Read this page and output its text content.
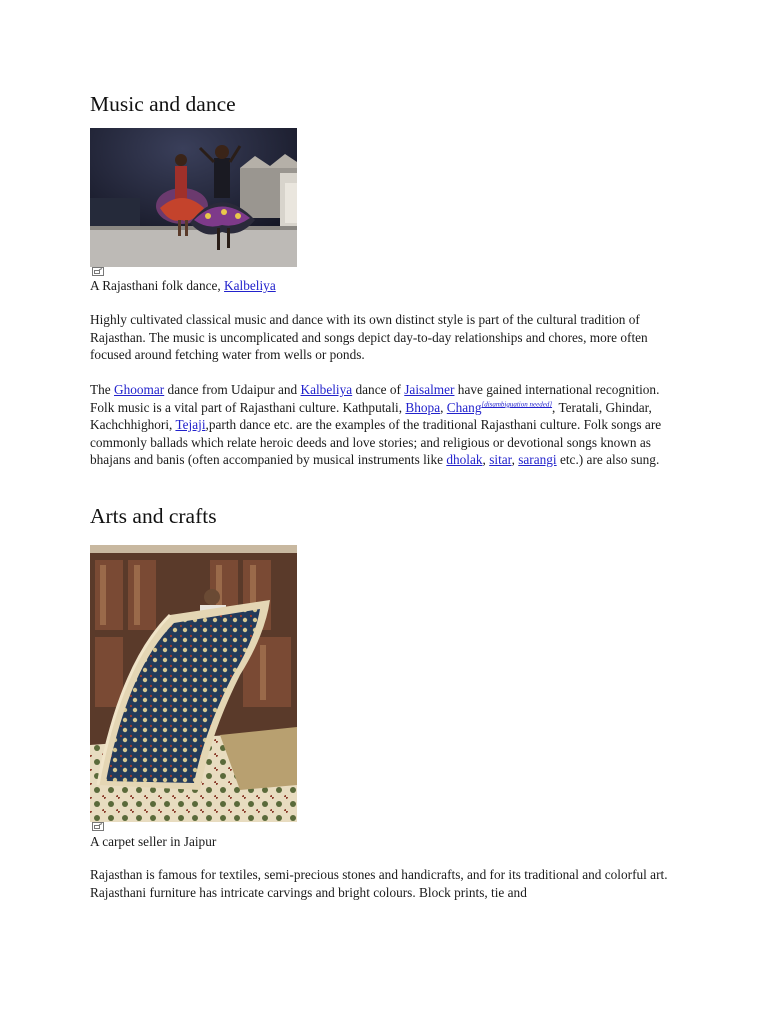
Music and dance
A Rajasthani folk dance, Kalbeliya

Highly cultivated classical music and dance with its own distinct style is part of the cultural tradition of Rajasthan. The music is uncomplicated and songs depict day-to-day relationships and chores, more often focused around fetching water from wells or ponds.

The Ghoomar dance from Udaipur and Kalbeliya dance of Jaisalmer have gained international recognition. Folk music is a vital part of Rajasthani culture. Kathputali, Bhopa, Chang[disambiguation needed], Teratali, Ghindar, Kachchhighori, Tejaji,parth dance etc. are the examples of the traditional Rajasthani culture. Folk songs are commonly ballads which relate heroic deeds and love stories; and religious or devotional songs known as bhajans and banis (often accompanied by musical instruments like dholak, sitar, sarangi etc.) are also sung.

Arts and crafts
A carpet seller in Jaipur

Rajasthan is famous for textiles, semi-precious stones and handicrafts, and for its traditional and colorful art. Rajasthani furniture has intricate carvings and bright colours. Block prints, tie and
